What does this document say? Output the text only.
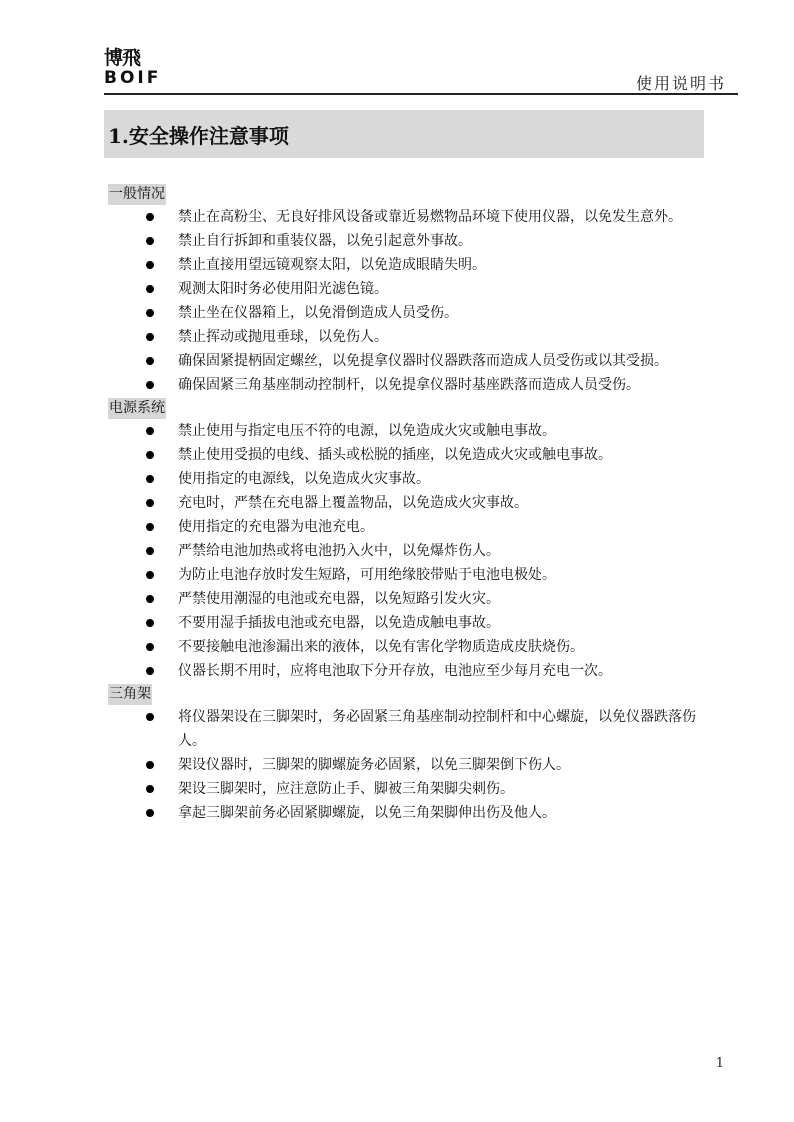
博飛
BOIF	使用说明书
1.安全操作注意事项
一般情况
禁止在高粉尘、无良好排风设备或靠近易燃物品环境下使用仪器，以免发生意外。
禁止自行拆卸和重装仪器，以免引起意外事故。
禁止直接用望远镜观察太阳，以免造成眼睛失明。
观测太阳时务必使用阳光滤色镜。
禁止坐在仪器箱上，以免滑倒造成人员受伤。
禁止挥动或抛甩垂球，以免伤人。
确保固紧提柄固定螺丝，以免提拿仪器时仪器跌落而造成人员受伤或以其受损。
确保固紧三角基座制动控制杆，以免提拿仪器时基座跌落而造成人员受伤。
电源系统
禁止使用与指定电压不符的电源，以免造成火灾或触电事故。
禁止使用受损的电线、插头或松脱的插座，以免造成火灾或触电事故。
使用指定的电源线，以免造成火灾事故。
充电时，严禁在充电器上覆盖物品，以免造成火灾事故。
使用指定的充电器为电池充电。
严禁给电池加热或将电池扔入火中，以免爆炸伤人。
为防止电池存放时发生短路，可用绝缘胶带贴于电池电极处。
严禁使用潮湿的电池或充电器，以免短路引发火灾。
不要用湿手插拔电池或充电器，以免造成触电事故。
不要接触电池渗漏出来的液体，以免有害化学物质造成皮肤烧伤。
仪器长期不用时，应将电池取下分开存放，电池应至少每月充电一次。
三角架
将仪器架设在三脚架时，务必固紧三角基座制动控制杆和中心螺旋，以免仪器跌落伤人。
架设仪器时，三脚架的脚螺旋务必固紧，以免三脚架倒下伤人。
架设三脚架时，应注意防止手、脚被三角架脚尖刺伤。
拿起三脚架前务必固紧脚螺旋，以免三角架脚伸出伤及他人。
1
